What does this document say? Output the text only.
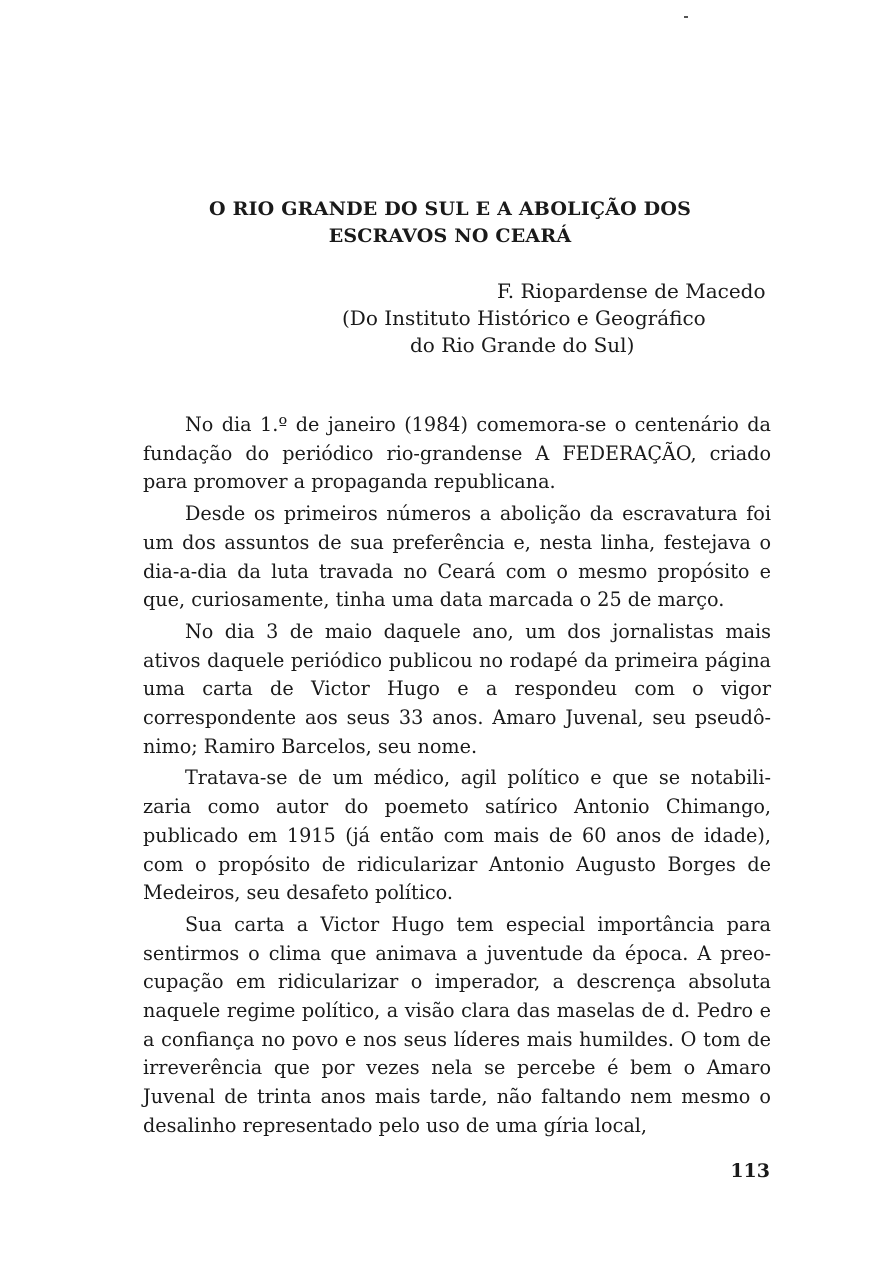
O RIO GRANDE DO SUL E A ABOLIÇÃO DOS
ESCRAVOS NO CEARÁ
F. Riopardense de Macedo
(Do Instituto Histórico e Geográfico
do Rio Grande do Sul)

No dia 1.º de janeiro (1984) comemora-se o centenário da fundação do periódico rio-grandense A FEDERAÇÃO, criado para promover a propaganda republicana.

Desde os primeiros números a abolição da escravatura foi um dos assuntos de sua preferência e, nesta linha, festejava o dia-a-dia da luta travada no Ceará com o mesmo propósito e que, curiosamente, tinha uma data marcada o 25 de março.

No dia 3 de maio daquele ano, um dos jornalistas mais ativos daquele periódico publicou no rodapé da primeira página uma carta de Victor Hugo e a respondeu com o vigor correspondente aos seus 33 anos. Amaro Juvenal, seu pseudônimo; Ramiro Barcelos, seu nome.

Tratava-se de um médico, agil político e que se notabilizaria como autor do poemeto satírico Antonio Chimango, publicado em 1915 (já então com mais de 60 anos de idade), com o propósito de ridicularizar Antonio Augusto Borges de Medeiros, seu desafeto político.

Sua carta a Victor Hugo tem especial importância para sentirmos o clima que animava a juventude da época. A preocupação em ridicularizar o imperador, a descrença absoluta naquele regime político, a visão clara das maselas de d. Pedro e a confiança no povo e nos seus líderes mais humildes. O tom de irreverência que por vezes nela se percebe é bem o Amaro Juvenal de trinta anos mais tarde, não faltando nem mesmo o desalinho representado pelo uso de uma gíria local,

113
